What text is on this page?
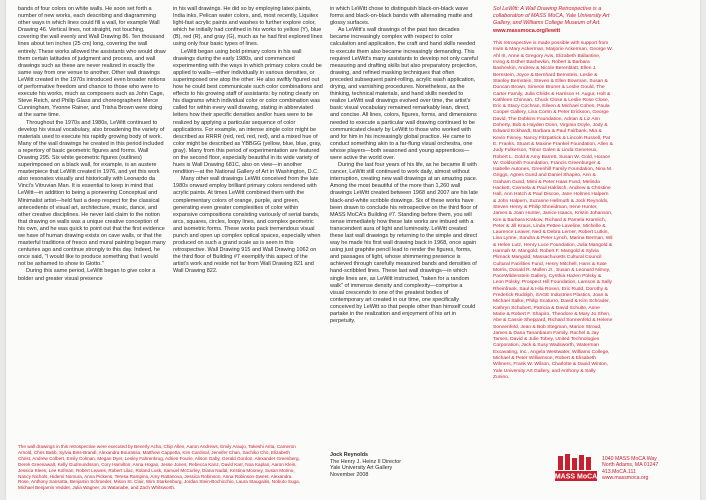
bands of four colors on white walls. He soon set forth a number of new works, each describing and diagramming other ways in which lines could fill a wall, for example Wall Drawing 46. Vertical lines, not straight, not touching, covering the wall evenly and Wall Drawing 86. Ten thousand lines about ten inches (25 cm) long, covering the wall entirely. These works allowed the assistants who would draw them certain latitudes of judgment and process, and wall drawings such as these are never realized in exactly the same way from one venue to another. Other wall drawings LeWitt created in the 1970s introduced even broader notions of performative freedom and chance to those who were to execute his works, much as composers such as John Cage, Steve Reich, and Philip Glass and choreographers Merce Cunningham, Yvonne Rainer, and Trisha Brown were doing at the same time.

Throughout the 1970s and 1980s, LeWitt continued to develop his visual vocabulary, also broadening the variety of materials used to execute his rapidly growing body of work. Many of the wall drawings he created in this period included a repertory of basic geometric figures and forms. Wall Drawing 295. Six white geometric figures (outlines) superimposed on a black wall, for example, is an austere masterpiece that LeWitt created in 1976, and yet this work also resonates visually and historically with Leonardo da Vinci's Vitruvian Man. It is essential to keep in mind that LeWitt—in addition to being a pioneering Conceptual and Minimalist artist—held fast a deep respect for the classical antecedents of visual art, architecture, music, dance, and other creative disciplines. He never laid claim to the notion that drawing on walls was a unique creative conception of his own, and he was quick to point out that the first evidence we have of human drawing exists on cave walls, or that the masterful traditions of fresco and mural painting began many centuries ago and continue strongly to this day. Indeed, he once said, "I would like to produce something that I would not be ashamed to show to Giotto."

During this same period, LeWitt began to give color a bolder and greater visual presence

in his wall drawings. He did so by employing latex paints, India inks, Pelican water colors, and, most recently, Liquitex light-fast acrylic paints and washes to further explore color, which he initially had confined in his works to yellow (Y), blue (B), red (R), and gray (G), much as he had first explored lines using only four basic types of lines.

LeWitt began using bold primary colors in his wall drawings during the early 1980s, and commenced experimenting with the ways in which primary colors could be applied to walls—either individually in various densities, or superimposed one atop the other. He also swiftly figured out how he could best communicate such color combinations and effects to his growing staff of assistants: by noting clearly on his diagrams which individual color or color combination was called for within every wall drawing, stating in abbreviated letters how their specific densities and/or hues were to be realized by applying a particular sequence of color applications. For example, an intense single color might be described as RRRR (red, red, red, red), and a mixed hue of color might be described as YBBGG (yellow, blue, blue, gray, gray). Many from this period of experimentation are featured on the second floor, especially beautiful in its wide variety of hues is Wall Drawing 681C, also on view—in another rendition—at the National Gallery of Art in Washington, D.C.

Many other wall drawings LeWitt conceived from the late 1980s onward employ brilliant primary colors rendered with acrylic paints. At times LeWitt combined them with the complementary colors of orange, purple, and green, generating even greater complexities of color within expansive compositions consisting variously of serial bands, arcs, squares, circles, loopy lines, and complex geometric and isometric forms. These works pack tremendous visual punch and open up complex optical spaces, especially when produced on such a grand scale as is seen in this retrospective. Wall Drawing 915 and Wall Drawing 1062 on the third floor of Building #7 exemplify this aspect of the artist's work and reside not far from Wall Drawing 821 and Wall Drawing 822.

in which LeWitt chose to distinguish black-on-black wave forms and black-on-black bands with alternating matte and glossy surfaces.

As LeWitt's wall drawings of the past two decades became increasingly complex with respect to color calculation and application, the craft and hand skills needed to execute them also became increasingly demanding. This required LeWitt's many assistants to develop not only careful measuring and drafting skills but also preparatory projection, drawing, and refined masking techniques that often preceded subsequent paint-rolling, acrylic wash application, drying, and varnishing procedures. Nonetheless, as the thinking, technical materials, and hand skills needed to realize LeWitt wall drawings evolved over time, the artist's basic visual vocabulary remained remarkably lean, direct, and concise. All lines, colors, figures, forms, and dimensions needed to execute a particular wall drawing continued to be communicated clearly by LeWitt to those who worked with and for him in his increasingly global practice. He came to conduct something akin to a far-flung visual orchestra, one whose players—both seasoned and young apprentices—were active the world over.

During the last four years of his life, as he became ill with cancer, LeWitt still continued to work daily, almost without interruption, creating new wall drawings at an amazing pace. Among the most beautiful of the more than 1,260 wall drawings LeWitt created between 1968 and 2007 are his late black-and-white scribble drawings. Six of these works have been drawn to conclude his retrospective on the third floor of MASS MoCA's Building #7. Standing before them, you will sense immediately how these late works are imbued with a transcendent aura of light and luminosity. LeWitt created these last wall drawings by returning to the simple and direct way he made his first wall drawing back in 1968, once again using just graphite pencil lead to render the figures, forms, and passages of light, whose shimmering presence is achieved through carefully measured bands and densities of hand-scribbled lines. These last wall drawings—in which single lines are, as LeWitt instructed, "taken for a random walk" of immense density and complexity—comprise a visual crescendo to one of the greatest bodies of contemporary art created in our time, one specifically conceived by LeWitt so that people other than himself could partake in the realization and enjoyment of his art in perpetuity.

Sol LeWitt: A Wall Drawing Retrospective is a collaboration of MASS MoCA, Yale University Art Gallery, and Williams College Museum of Art.

www.massmoca.org/lewitt

This retrospective is made possible with support from Irwin & Mary Ackerman, Marjorie Ackerman, George W. Ahl III, Anne & Gregory Avis, Elizabeth Ballantine, Irving & Esther Bashevkin, Robert & Barbara Bashevkin, Andrew & Nicole Berenblatt, Ellen J. Bernstein, Joyce & Bernhard Bernstein, Leslie & Stanley Bernstein, Steven & Ellen Bowman, Susan & Duncan Brown, Simeon Bruner & Leslie Gould, The Carter Family, Julia Childs & Harrison H. Augur, Holt & Kathleen Chinnan, Chuck Close & Leslie Rose Close, Eric & Stacy Cochran, Eileen & Michael Cohen, Paula Cooper Gallery, Lisa Corrin & Peter Erickson, George David, The Dobkins Foundation, Adrian & Liz Ann Doherty, Bob & Hayden Donn, Virginia Doyle, Jody & Edward Eckhardt, Barbara & Paul Fairbank, Mia & Kevin Finney, Nancy Fitzpatrick & Lincoln Russell, Pat E. Franks, Stuart & Maxine Frankel Foundation, Allen & Judy Fulkerson, Timur Galen & Linda Genereux, Robert L. Gold & Amy Barrett, Susan W. Gold, Horace W. Goldsmith Foundation, Francis Greenburger & Isabelle Autones, Greenhill Family Foundation, Nina M. Griggs, Agnes Gund and Daniel Shapiro, Ann & Graham Gund, Mimi & Peter Haas Fund, Melinda Hackett, Carmela & Paul Haklisch, Andrew & Christine Hall, Ann Hatch & Paul Discoe, Jane Holmes Halpern & John Halpern, Suzanne Hellmuth & Jock Reynolds, Steven Henry & Philip Shneidman, Irene Hunter, James & Joan Hunter, Janice Isaacs, Kristin Johanson, Kim & Barbara Krakow, Richard & Pamela Kramlich, Peter & Jill Kraus, Linda Pettee Laveline, Michelle & Laurence Leaver, Ned & Debra Lerner, Robert Lutkin, Lisa Lynne, Sondra & Peter Lynch, Marina Berman, Wil & Helen Lutz, Henry Luce Foundation, Julia Mangold & Hannah M. Mangold, Robert F. Mangold & Sylvia Plimack Mangold, Massachusetts Cultural Council Cultural Facilities Fund, Henry Mitchell, Hans & Kate Morris, Donald R. Mullen Jr., Susan & Leonard Nimoy, PaceWildenstein Gallery, Cynthia Hazen Polsky & Leon Polsky, Prospect Hill Foundation, Lamson & Sally Rheinfrank, Saul & Hila Rosen, Eric Rudd, Dorothy & Frederick Rudolph, SAGE Industries Plastics, Joan & Michael Salke, Philip Scaturro, David & Kim Schrader, Kathryn Schubert, Patricia & David Schulte, Anne Marie & Robert F. Shapiro, Theodore & Mary Jo Shen, Abe & Cassie Sheppard, Richard Sonnenfeld & Helene Sonnenfeld, Jean & Bob Stegman, Marion Stroud, James & Dana Tananbaum Family, Rachel & Jay Tarses, David & Julie Tobey, United Technologies Corporation, Jack & Susy Wadsworth, Waterman Excavating, Inc., Angela Westwater, Williams College, Michael & Peter Williamson, Robert & Elisabeth Wilmers, Frank W. Wilson, Charlotte & David Winton, Yale University Art Gallery, and Anthony & Sally Zunino.

The wall drawings in this retrospective were executed by Beverly Acha, Chip Allen, Aaron Andrews, Emily Araujo, Takeshi Arita, Cameron Arnold, Chris Babb, Sylvia Bins-Brandl, Alexandra Bourassa, Matthew Cappetta, Kim Cardinal, Jennifer Chan, Sachiko Cho, Elizabeth Christ, Andrew Colbert, Emily Colman, Megan Dyer, Lesley Fahrenkrug, Adrien Fourie, Alison Gaby, Gerald Gordon, Alexander Greenberg, Derek Greenawalt, Kelly Gudmundsson, Cory Hamilton, Anna Hogan, Jesse Jones, Rebecca Kanz, David Karr, Noa Kaplan, Aaron Klein, Jessica Klees, Lee Kofman, Robert Leaves, Robert Lilac, Roland Lusk, Samuel McCurley, Diana Nadal, Kristina Mooney, Susan Morino, Nancy Nichols, Hidemi Nomura, Anna Pickens, Teresa Rampino, Amy Rattanova, Jessica Robinson, Anna Robinson-Sweet, Alexandra Rose, Anthony Sansotta, Benjamin Schroeder, Mison St. Clair, Wim Starkenburg, Jordan Stein-Bochicchio, Laura Staugaitis, Nobuto Suga, Michael Benjamin Vedder, Julia Wagner, Jo Watanabe, and Zach Whitsworth.

Jock Reynolds
The Henry J. Heinz II Director
Yale University Art Gallery
November 2008	MASS MoCA
1040 MASS MoCA Way
North Adams, MA 01247
413.MoCA.111
www.massmoca.org
